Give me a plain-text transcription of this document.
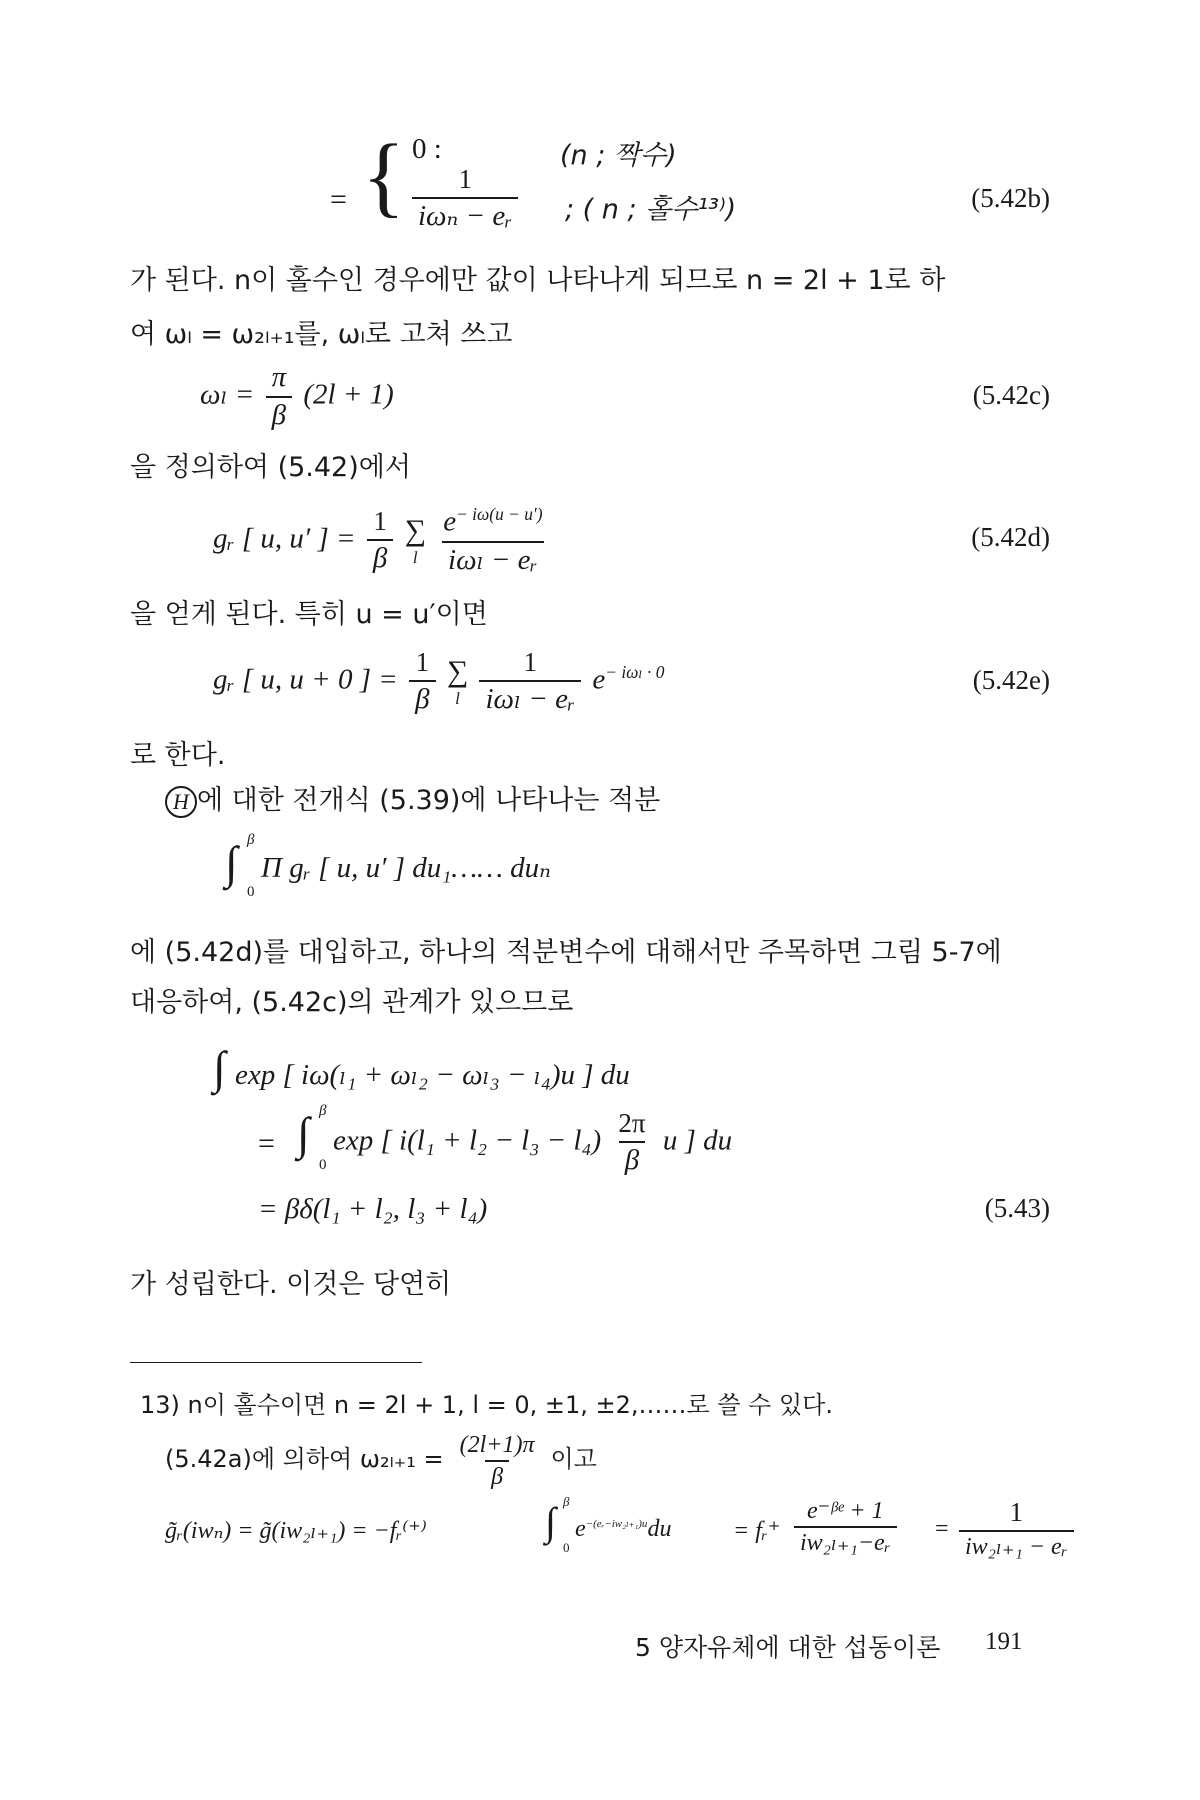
= { 0 :	(n ; 짝수)
$\frac{1}{\text{iωₙ − eᵣ}}$ ; ( n ; 홀수¹³⁾)	(5.42b)
가 된다. n이 홀수인 경우에만 값이 나타나게 되므로 n = 2l + 1로 하
여 ωₗ = ω₂ₗ₊₁를, ωₗ로 고쳐 쓰고
$\omega_l = \frac{\pi}{\beta} (2l + 1)$	(5.42c)
을 정의하여 (5.42)에서
gᵣ [ u, u′ ] = $\frac{1}{\beta}$
∑
l
$\frac{e^{- i\omega(u - u')}}{\text{iωₗ − eᵣ}}$	(5.42d)
을 얻게 된다. 특히 u = u′이면
gᵣ [ u, u + 0 ] = $\frac{1}{\beta}$
∑
l
$\frac{1}{\text{iωₗ − eᵣ}} e^{- i\omega_l \cdot 0}$	(5.42e)
로 한다.
H 에 대한 전개식 (5.39)에 나타나는 적분
∫ β
0
Π gᵣ [ u, u′ ] du₁…… duₙ
에 (5.42d)를 대입하고, 하나의 적분변수에 대해서만 주목하면 그림 5-7에
대응하여, (5.42c)의 관계가 있으므로
∫ exp [ iω(ₗ₁ + ωₗ₂ − ωₗ₃ − ₗ₄)u ] du
= ∫ β
0
exp [ $i(l_1 + l_2 - l_3 - l_4) \frac{2\pi}{\beta}$ u ] du
= βδ(l₁ + l₂, l₃ + l₄)	(5.43)
가 성립한다. 이것은 당연히
13) n이 홀수이면 n = 2l + 1, l = 0, ±1, ±2,……로 쓸 수 있다.
(5.42a)에 의하여 $\omega_{2l+1} = \frac{(2l+1)\pi}{\beta}$ 이고
g̃ᵣ(iwₙ) = g̃(iw₂ₗ₊₁) = −fᵣ⁽⁺⁾	∫ β
0
$e^{-(eᵣ-iw_{2l+1})u}du$	= fᵣ⁺ $\frac{\text{e⁻ᵝᵉ + 1}}{\text{iw₂ₗ₊₁−eᵣ}} = \frac{1}{\text{iw₂ₗ₊₁ − eᵣ}}$
5 양자유체에 대한 섭동이론 191
